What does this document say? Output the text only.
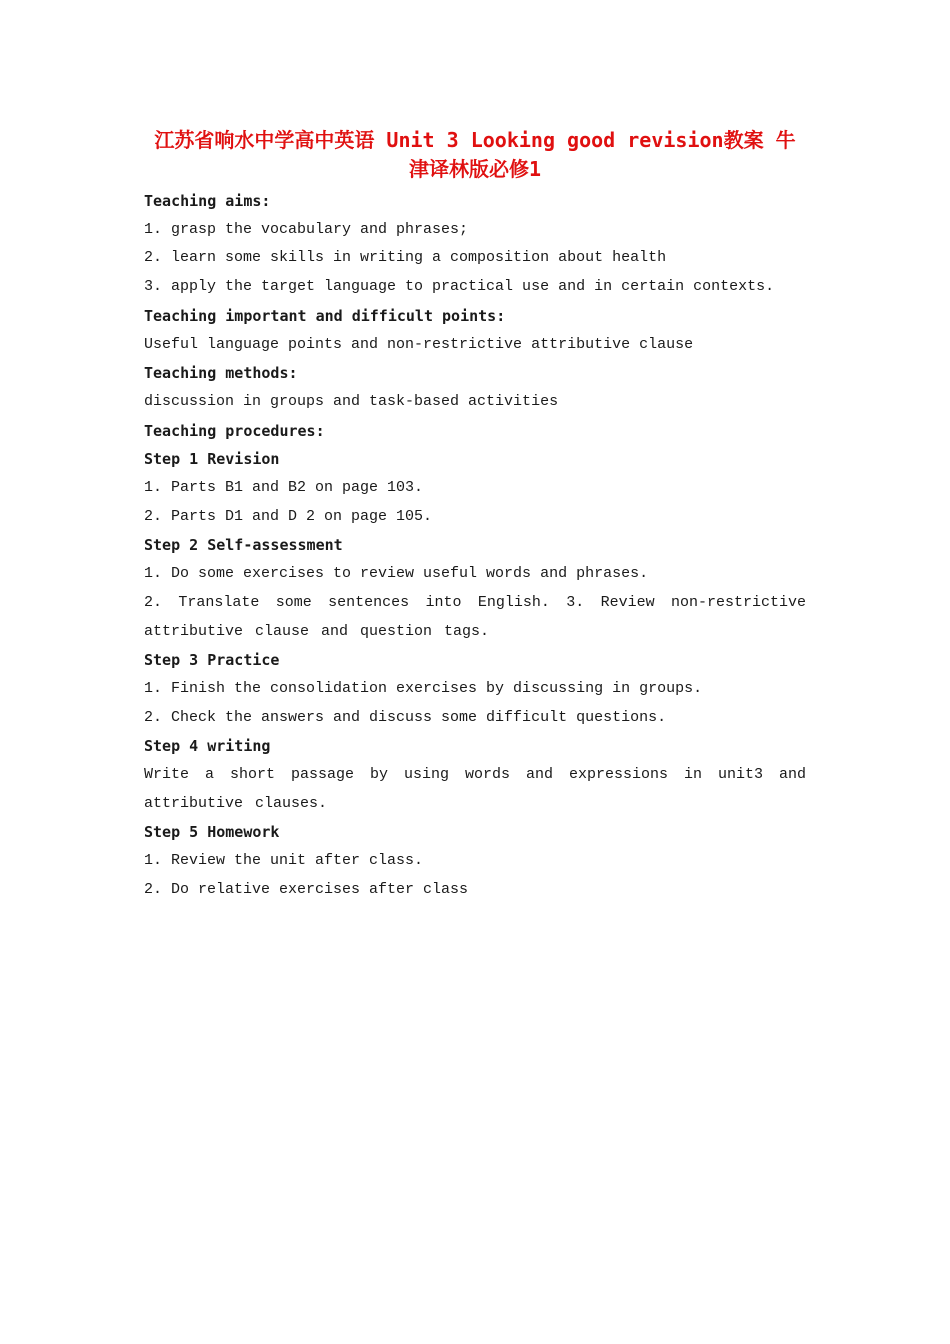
江苏省响水中学高中英语 Unit 3 Looking good revision教案 牛
津译林版必修1

Teaching aims:

1. grasp the vocabulary and phrases;

2. learn some skills in writing a composition about health

3. apply the target language to practical use and in certain contexts.

Teaching important and difficult points:

Useful language points and non-restrictive attributive clause

Teaching methods:

discussion in groups and task-based activities

Teaching procedures:

Step 1 Revision

1. Parts B1 and B2 on page 103.

2. Parts D1 and D 2 on page 105.

Step 2 Self-assessment

1. Do some exercises to review useful words and phrases.

2. Translate some sentences into English. 3. Review non-restrictive attributive clause and question tags.

Step 3 Practice

1. Finish the consolidation exercises by discussing in groups.

2. Check the answers and discuss some difficult questions.

Step 4 writing

Write a short passage by using words and expressions in unit3 and attributive clauses.

Step 5 Homework

1. Review the unit after class.

2. Do relative exercises after class
